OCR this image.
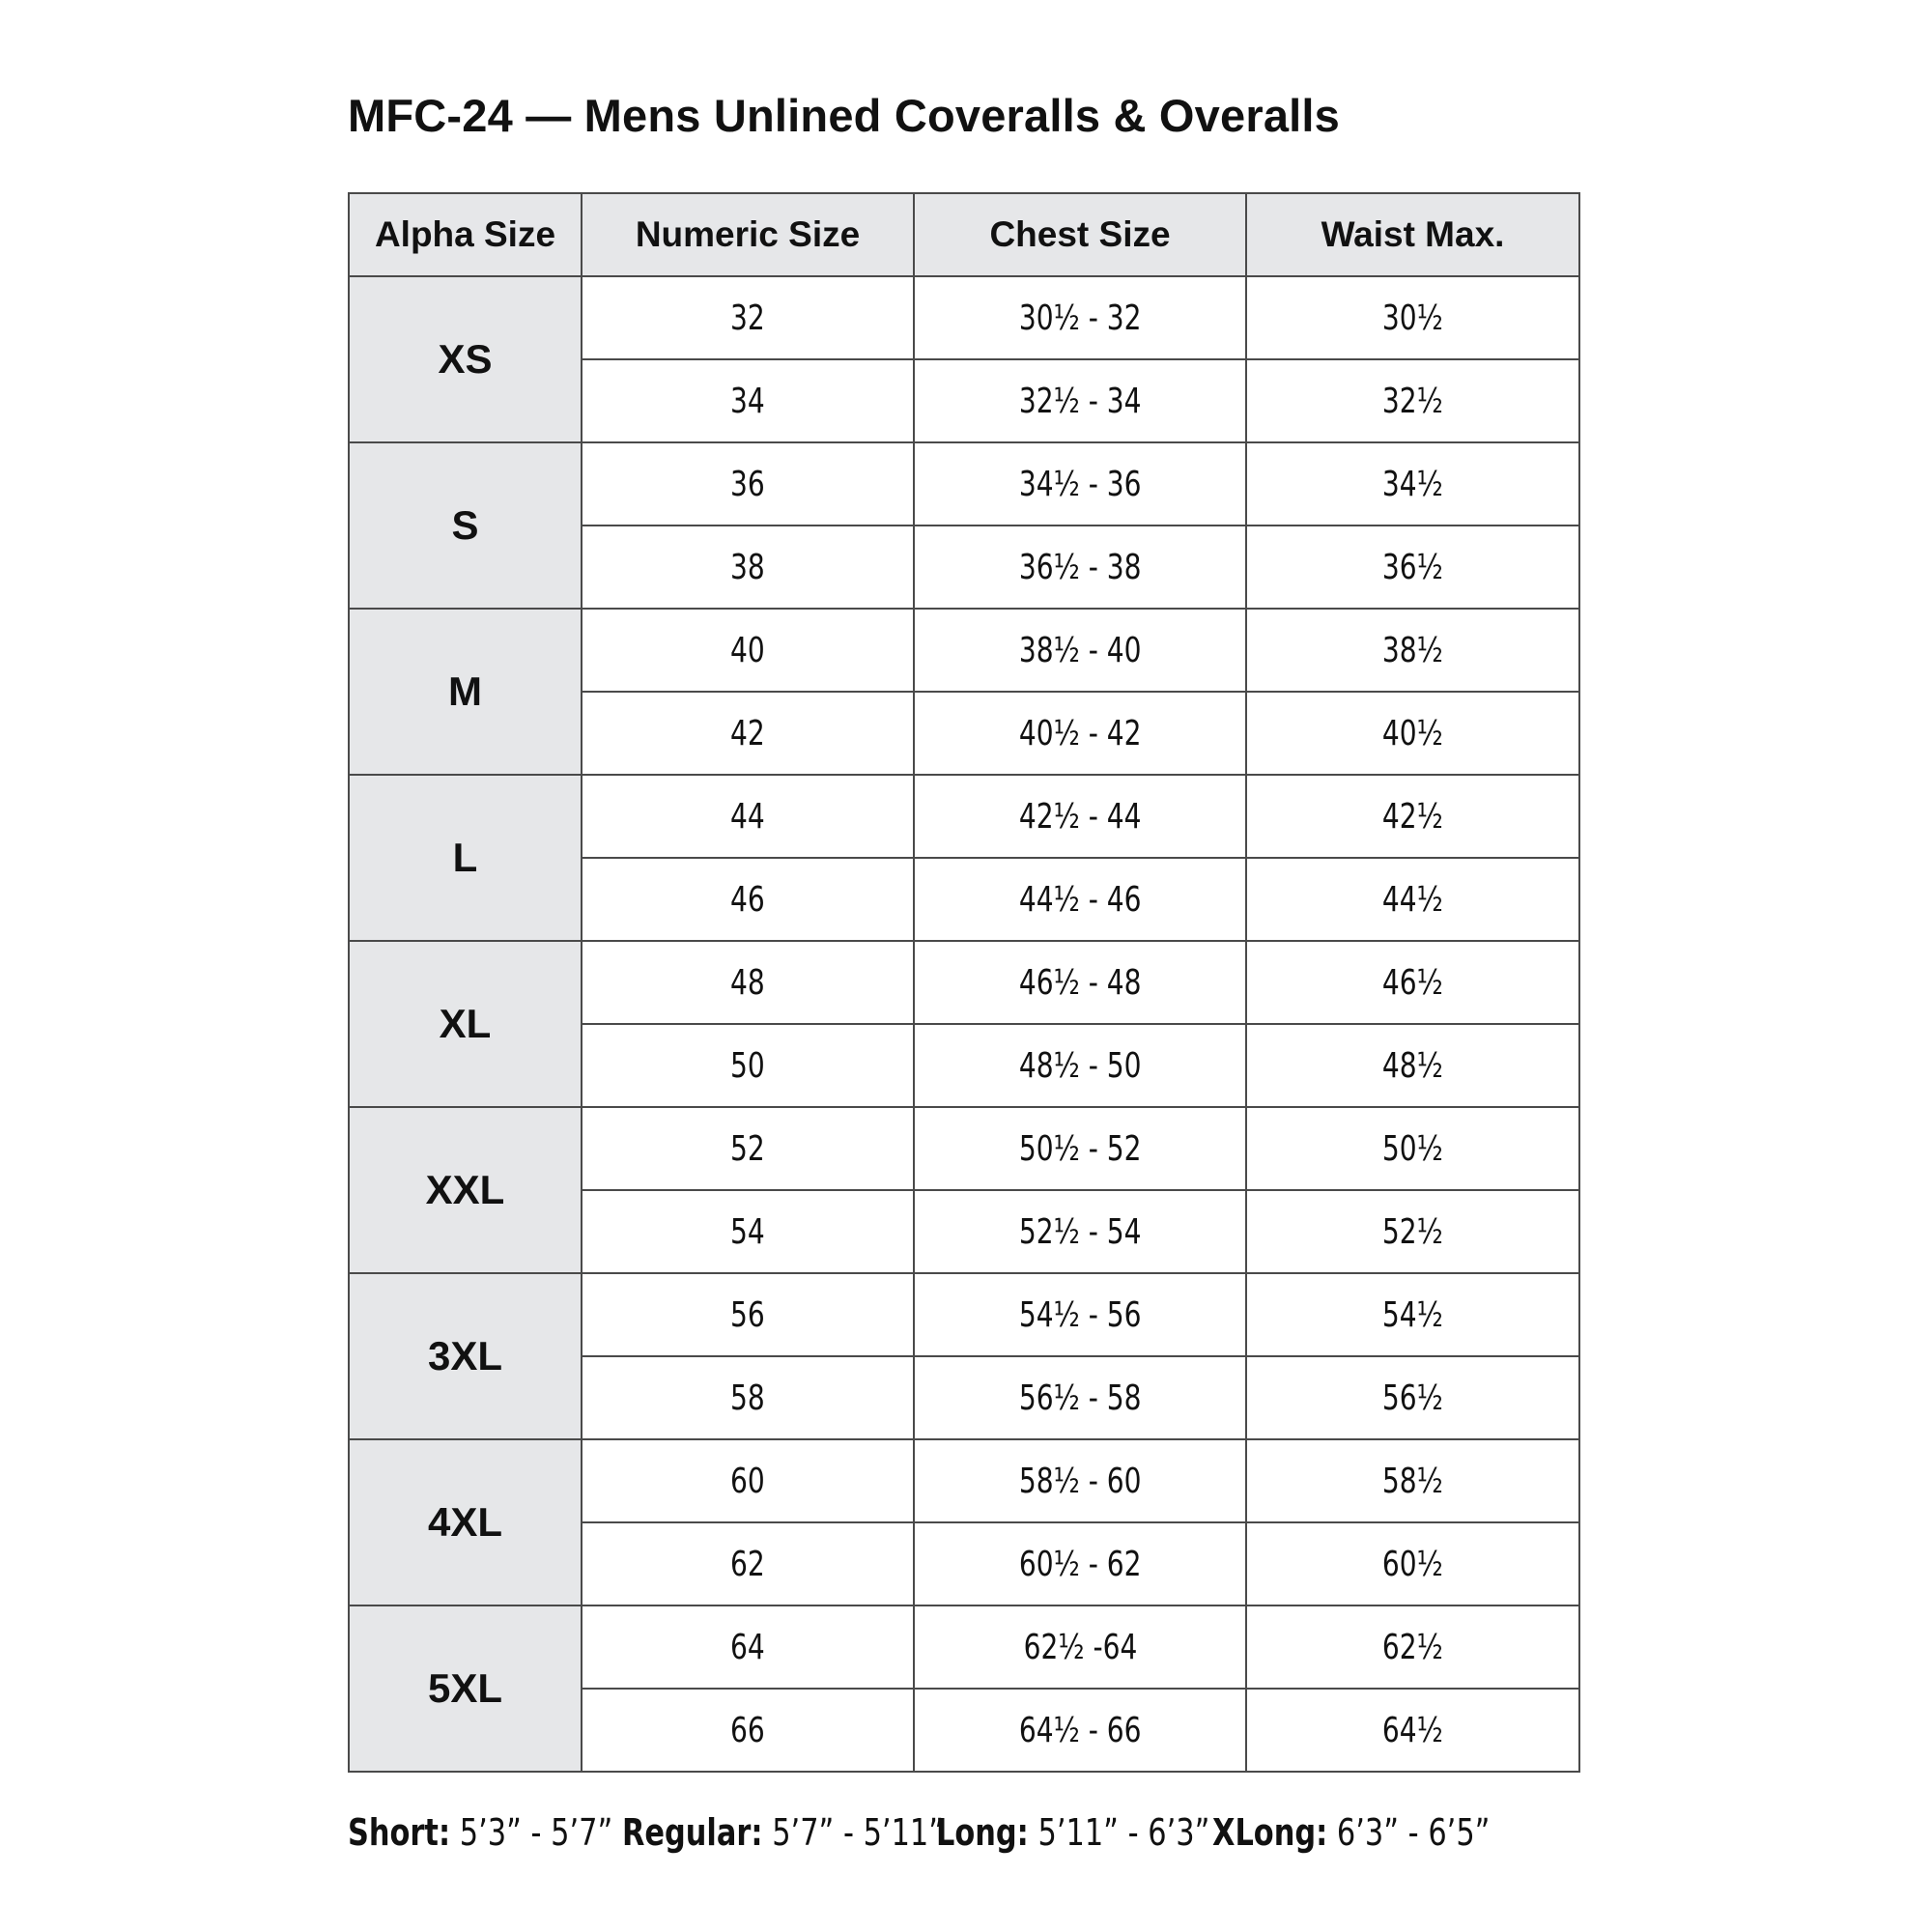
MFC-24 — Mens Unlined Coveralls & Overalls
Alpha Size	Numeric Size	Chest Size	Waist Max.
XS	32	30½ - 32	30½
	34	32½ - 34	32½
S	36	34½ - 36	34½
	38	36½ - 38	36½
M	40	38½ - 40	38½
	42	40½ - 42	40½
L	44	42½ - 44	42½
	46	44½ - 46	44½
XL	48	46½ - 48	46½
	50	48½ - 50	48½
XXL	52	50½ - 52	50½
	54	52½ - 54	52½
3XL	56	54½ - 56	54½
	58	56½ - 58	56½
4XL	60	58½ - 60	58½
	62	60½ - 62	60½
5XL	64	62½ -64	62½
	66	64½ - 66	64½
Short: 5’3” - 5’7” Regular: 5’7” - 5’11”
Long: 5’11” - 6’3” XLong: 6’3” - 6’5”
